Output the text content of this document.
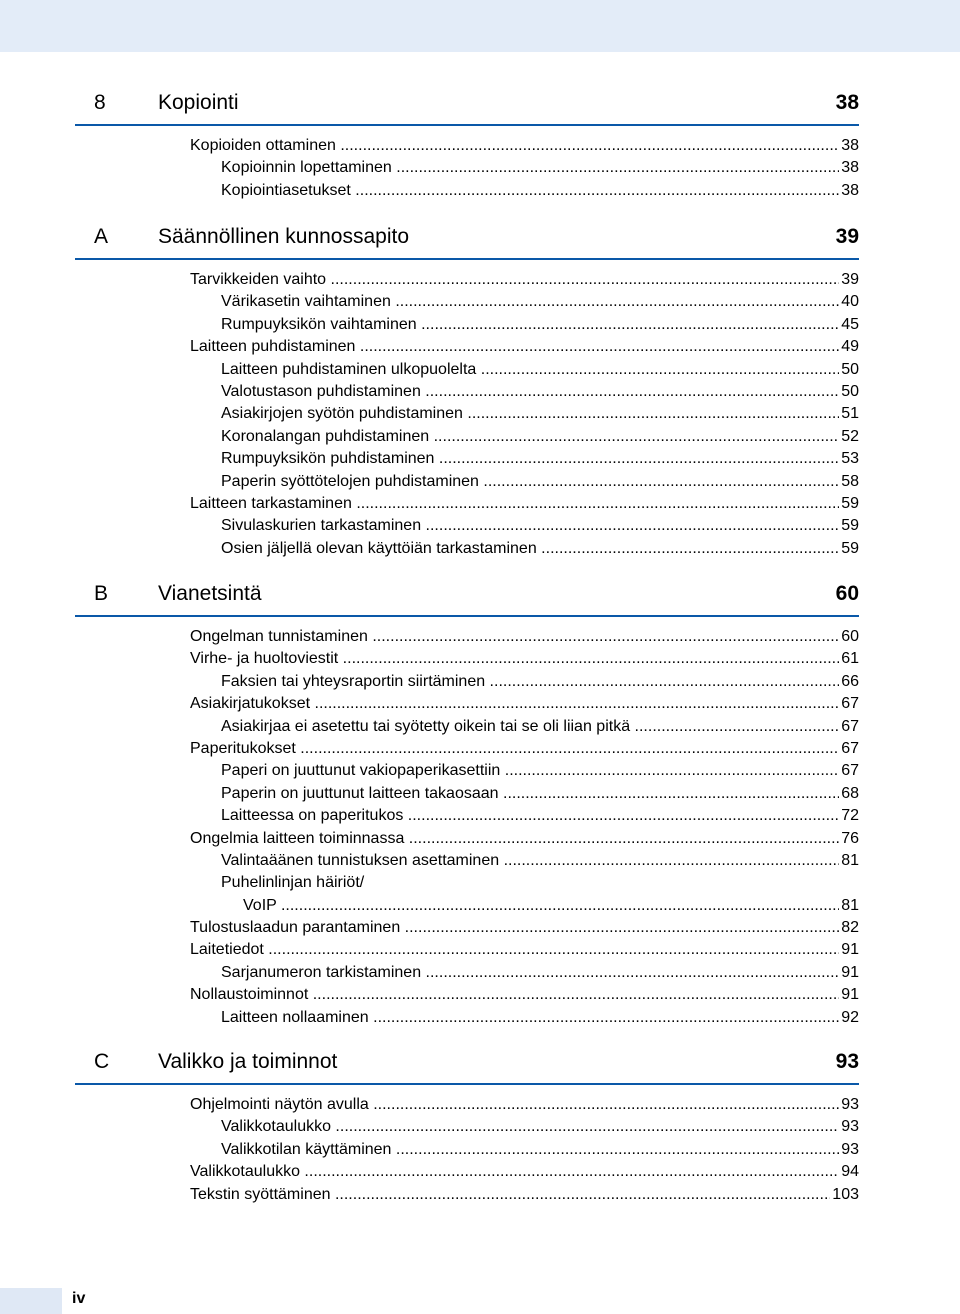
8 Kopiointi	38
Kopioiden ottaminen .....	38
Kopioinnin lopettaminen .....	38
Kopiointiasetukset .....	38
A Säännöllinen kunnossapito	39
Tarvikkeiden vaihto .....	39
Värikasetin vaihtaminen .....	40
Rumpuyksikön vaihtaminen .....	45
Laitteen puhdistaminen .....	49
Laitteen puhdistaminen ulkopuolelta .....	50
Valotustason puhdistaminen .....	50
Asiakirjojen syötön puhdistaminen .....	51
Koronalangan puhdistaminen .....	52
Rumpuyksikön puhdistaminen .....	53
Paperin syöttötelojen puhdistaminen .....	58
Laitteen tarkastaminen .....	59
Sivulaskurien tarkastaminen .....	59
Osien jäljellä olevan käyttöiän tarkastaminen .....	59
B Vianetsintä	60
Ongelman tunnistaminen .....	60
Virhe- ja huoltoviestit .....	61
Faksien tai yhteysraportin siirtäminen .....	66
Asiakirjatukokset .....	67
Asiakirjaa ei asetettu tai syötetty oikein tai se oli liian pitkä .....	67
Paperitukokset .....	67
Paperi on juuttunut vakiopaperikasettiin .....	67
Paperin on juuttunut laitteen takaosaan .....	68
Laitteessa on paperitukos .....	72
Ongelmia laitteen toiminnassa .....	76
Valintaäänen tunnistuksen asettaminen .....	81
Puhelinlinjan häiriöt/
VoIP .....	81
Tulostuslaadun parantaminen .....	82
Laitetiedot .....	91
Sarjanumeron tarkistaminen .....	91
Nollaustoiminnot .....	91
Laitteen nollaaminen .....	92
C Valikko ja toiminnot	93
Ohjelmointi näytön avulla .....	93
Valikkotaulukko .....	93
Valikkotilan käyttäminen .....	93
Valikkotaulukko .....	94
Tekstin syöttäminen .....	103
iv
